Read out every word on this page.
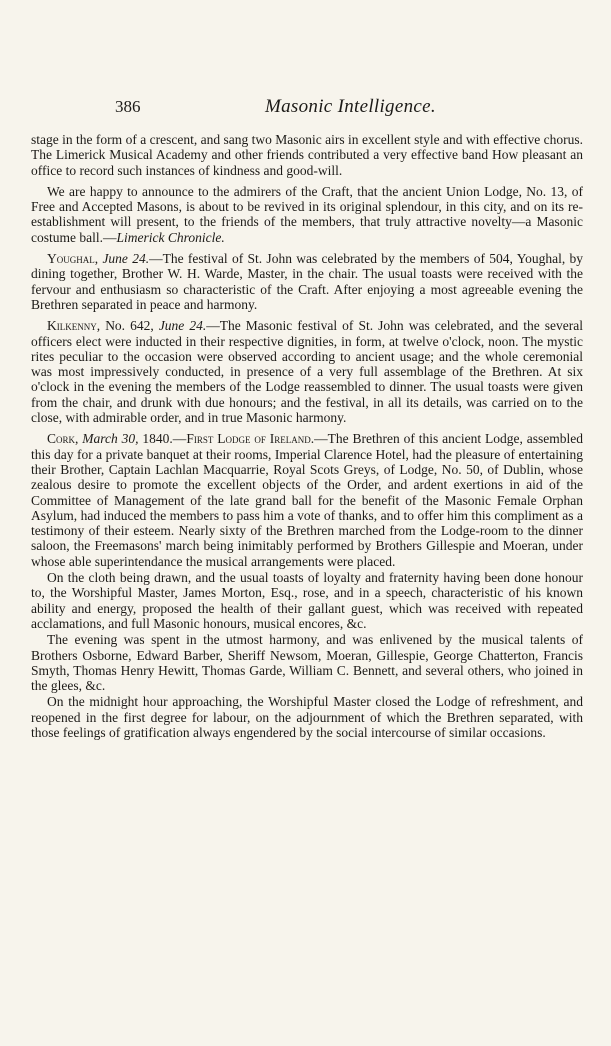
386	Masonic Intelligence.

stage in the form of a crescent, and sang two Masonic airs in excellent style and with effective chorus. The Limerick Musical Academy and other friends contributed a very effective band How pleasant an office to record such instances of kindness and good-will.

We are happy to announce to the admirers of the Craft, that the ancient Union Lodge, No. 13, of Free and Accepted Masons, is about to be revived in its original splendour, in this city, and on its re-establishment will present, to the friends of the members, that truly attractive novelty—a Masonic costume ball.—Limerick Chronicle.

Youghal, June 24.—The festival of St. John was celebrated by the members of 504, Youghal, by dining together, Brother W. H. Warde, Master, in the chair. The usual toasts were received with the fervour and enthusiasm so characteristic of the Craft. After enjoying a most agreeable evening the Brethren separated in peace and harmony.

Kilkenny, No. 642, June 24.—The Masonic festival of St. John was celebrated, and the several officers elect were inducted in their respective dignities, in form, at twelve o'clock, noon. The mystic rites peculiar to the occasion were observed according to ancient usage; and the whole ceremonial was most impressively conducted, in presence of a very full assemblage of the Brethren. At six o'clock in the evening the members of the Lodge reassembled to dinner. The usual toasts were given from the chair, and drunk with due honours; and the festival, in all its details, was carried on to the close, with admirable order, and in true Masonic harmony.

Cork, March 30, 1840.—First Lodge of Ireland.—The Brethren of this ancient Lodge, assembled this day for a private banquet at their rooms, Imperial Clarence Hotel, had the pleasure of entertaining their Brother, Captain Lachlan Macquarrie, Royal Scots Greys, of Lodge, No. 50, of Dublin, whose zealous desire to promote the excellent objects of the Order, and ardent exertions in aid of the Committee of Management of the late grand ball for the benefit of the Masonic Female Orphan Asylum, had induced the members to pass him a vote of thanks, and to offer him this compliment as a testimony of their esteem. Nearly sixty of the Brethren marched from the Lodge-room to the dinner saloon, the Freemasons' march being inimitably performed by Brothers Gillespie and Moeran, under whose able superintendance the musical arrangements were placed.

On the cloth being drawn, and the usual toasts of loyalty and fraternity having been done honour to, the Worshipful Master, James Morton, Esq., rose, and in a speech, characteristic of his known ability and energy, proposed the health of their gallant guest, which was received with repeated acclamations, and full Masonic honours, musical encores, &c.

The evening was spent in the utmost harmony, and was enlivened by the musical talents of Brothers Osborne, Edward Barber, Sheriff Newsom, Moeran, Gillespie, George Chatterton, Francis Smyth, Thomas Henry Hewitt, Thomas Garde, William C. Bennett, and several others, who joined in the glees, &c.

On the midnight hour approaching, the Worshipful Master closed the Lodge of refreshment, and reopened in the first degree for labour, on the adjournment of which the Brethren separated, with those feelings of gratification always engendered by the social intercourse of similar occasions.
